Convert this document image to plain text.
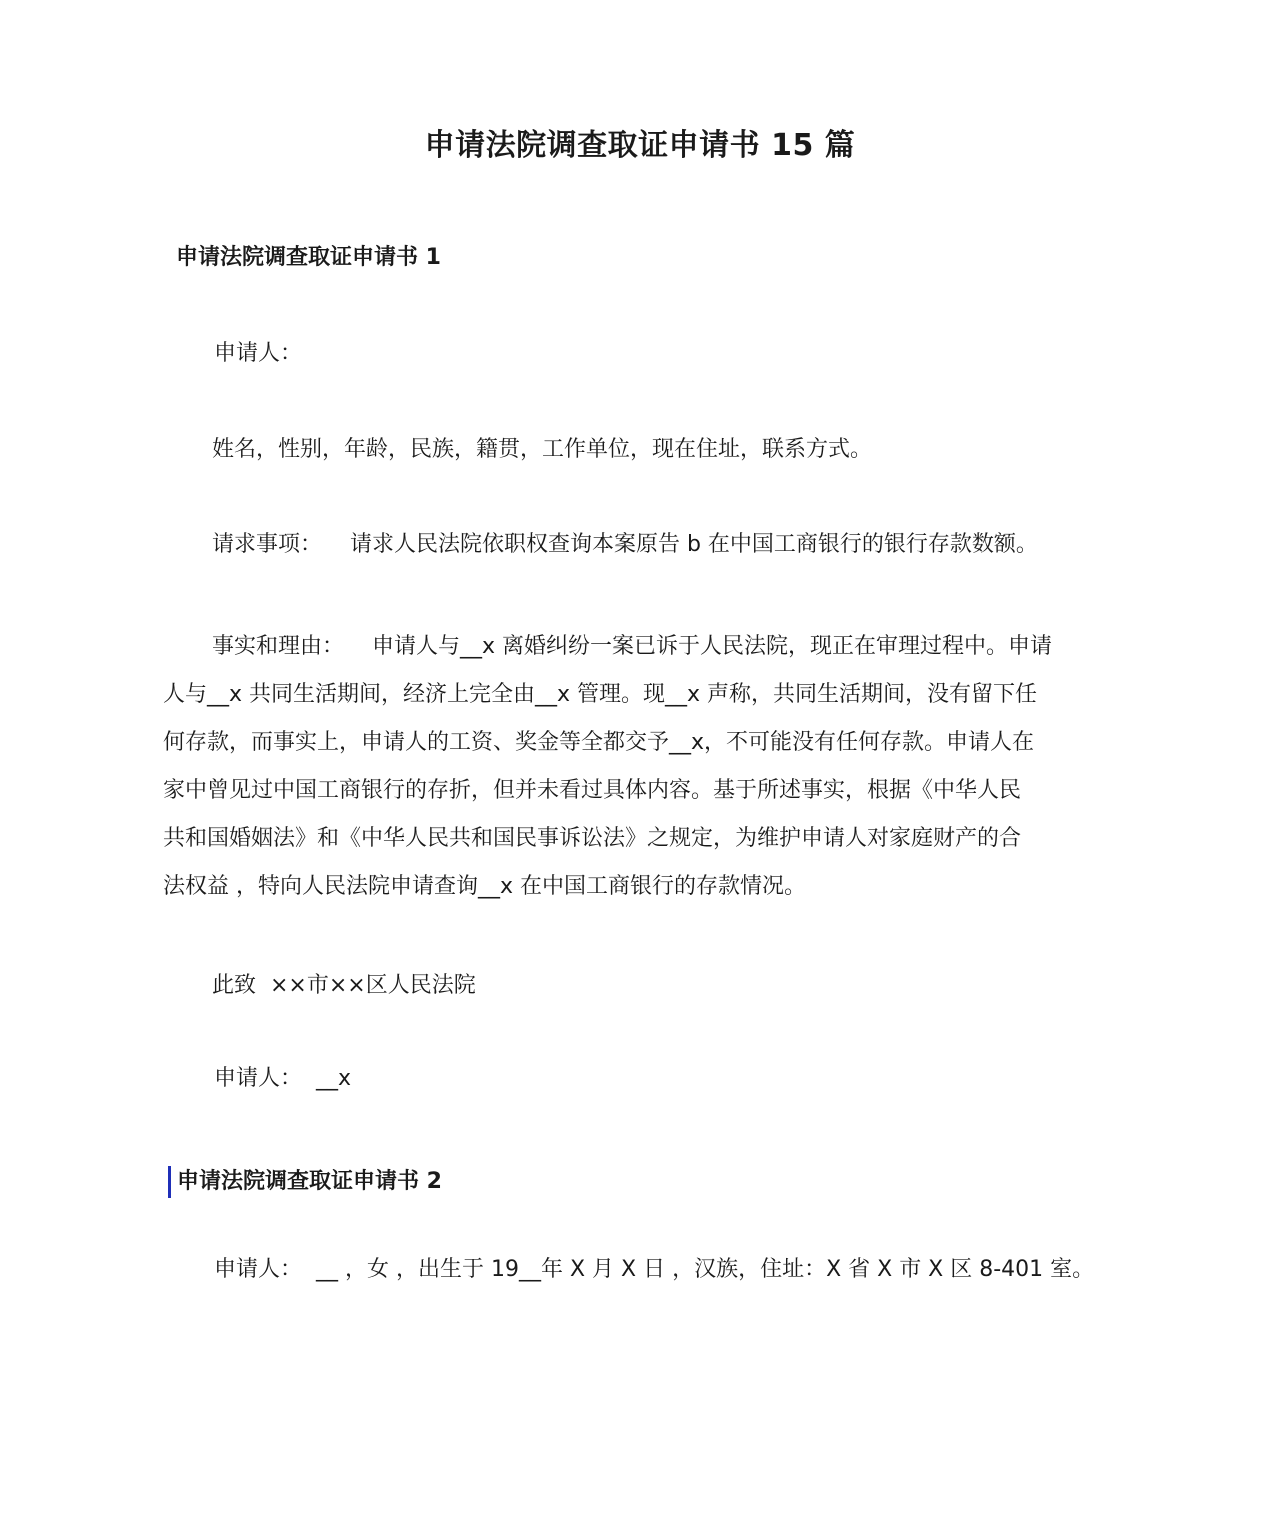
申请法院调查取证申请书 15 篇
申请法院调查取证申请书 1

申请人：

姓名，性别，年龄，民族，籍贯，工作单位，现在住址，联系方式。

请求事项：    请求人民法院依职权查询本案原告 b 在中国工商银行的银行存款数额。

事实和理由：    申请人与__x 离婚纠纷一案已诉于人民法院，现正在审理过程中。申请
人与__x 共同生活期间，经济上完全由__x 管理。现__x 声称，共同生活期间，没有留下任
何存款，而事实上，申请人的工资、奖金等全都交予__x，不可能没有任何存款。申请人在
家中曾见过中国工商银行的存折，但并未看过具体内容。基于所述事实，根据《中华人民
共和国婚姻法》和《中华人民共和国民事诉讼法》之规定，为维护申请人对家庭财产的合
法权益 ，特向人民法院申请查询__x 在中国工商银行的存款情况。

此致  ××市××区人民法院

申请人：  __x

申请法院调查取证申请书 2

申请人：  __ ，女 ，出生于 19__年 X 月 X 日 ，汉族，住址：X 省 X 市 X 区 8-401 室。
